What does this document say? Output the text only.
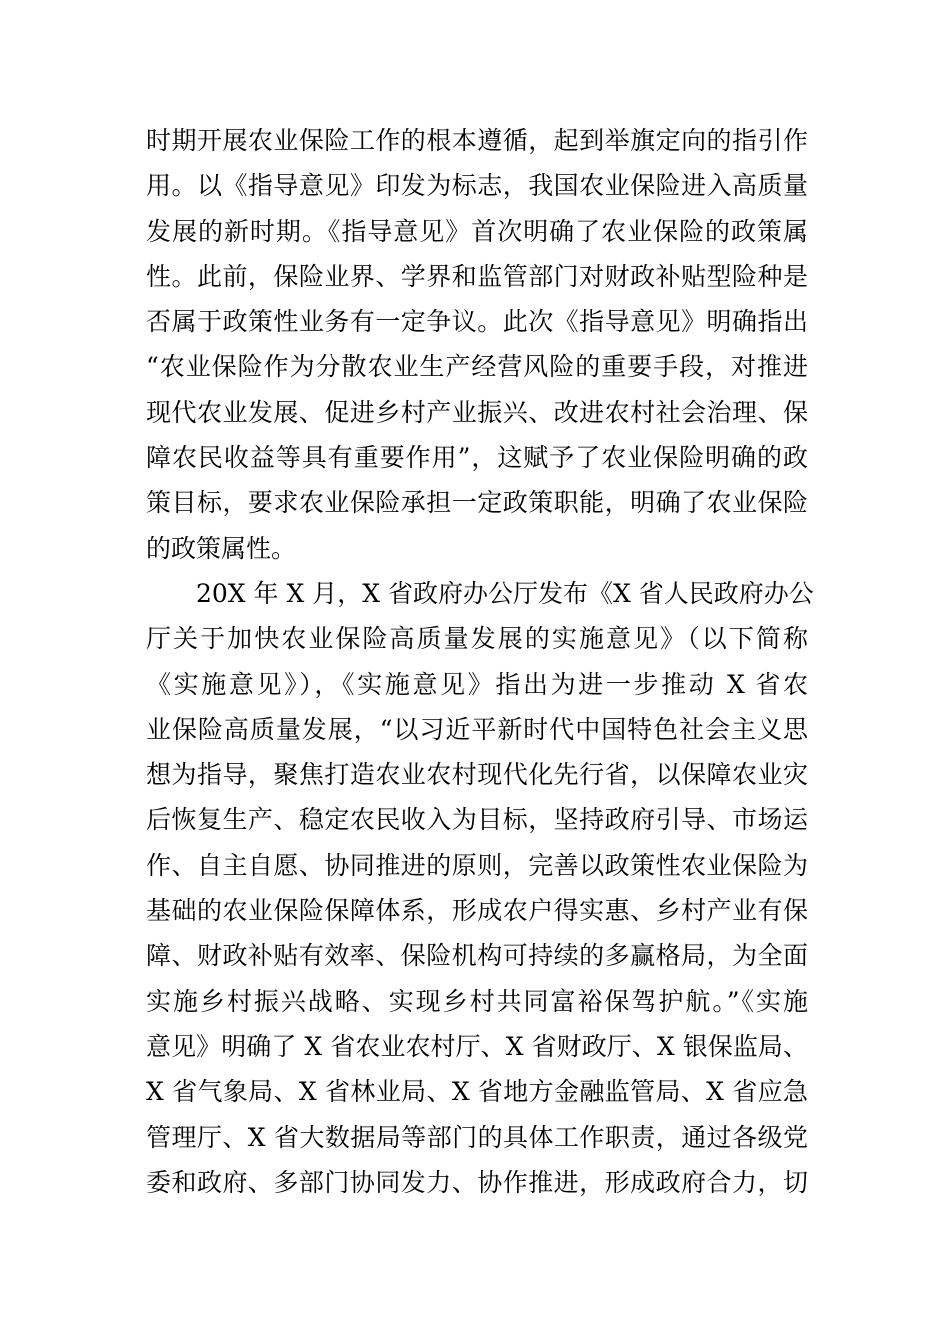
时期开展农业保险工作的根本遵循，起到举旗定向的指引作
用。以《指导意见》印发为标志，我国农业保险进入高质量
发展的新时期。《指导意见》首次明确了农业保险的政策属
性。此前，保险业界、学界和监管部门对财政补贴型险种是
否属于政策性业务有一定争议。此次《指导意见》明确指出
“农业保险作为分散农业生产经营风险的重要手段，对推进
现代农业发展、促进乡村产业振兴、改进农村社会治理、保
障农民收益等具有重要作用”，这赋予了农业保险明确的政
策目标，要求农业保险承担一定政策职能，明确了农业保险
的政策属性。
20X 年 X 月，X 省政府办公厅发布《X 省人民政府办公
厅关于加快农业保险高质量发展的实施意见》（以下简称
《实施意见》），《实施意见》指出为进一步推动 X 省农
业保险高质量发展，“以习近平新时代中国特色社会主义思
想为指导，聚焦打造农业农村现代化先行省，以保障农业灾
后恢复生产、稳定农民收入为目标，坚持政府引导、市场运
作、自主自愿、协同推进的原则，完善以政策性农业保险为
基础的农业保险保障体系，形成农户得实惠、乡村产业有保
障、财政补贴有效率、保险机构可持续的多赢格局，为全面
实施乡村振兴战略、实现乡村共同富裕保驾护航。”《实施
意见》明确了 X 省农业农村厅、X 省财政厅、X 银保监局、
X 省气象局、X 省林业局、X 省地方金融监管局、X 省应急
管理厅、X 省大数据局等部门的具体工作职责，通过各级党
委和政府、多部门协同发力、协作推进，形成政府合力，切
